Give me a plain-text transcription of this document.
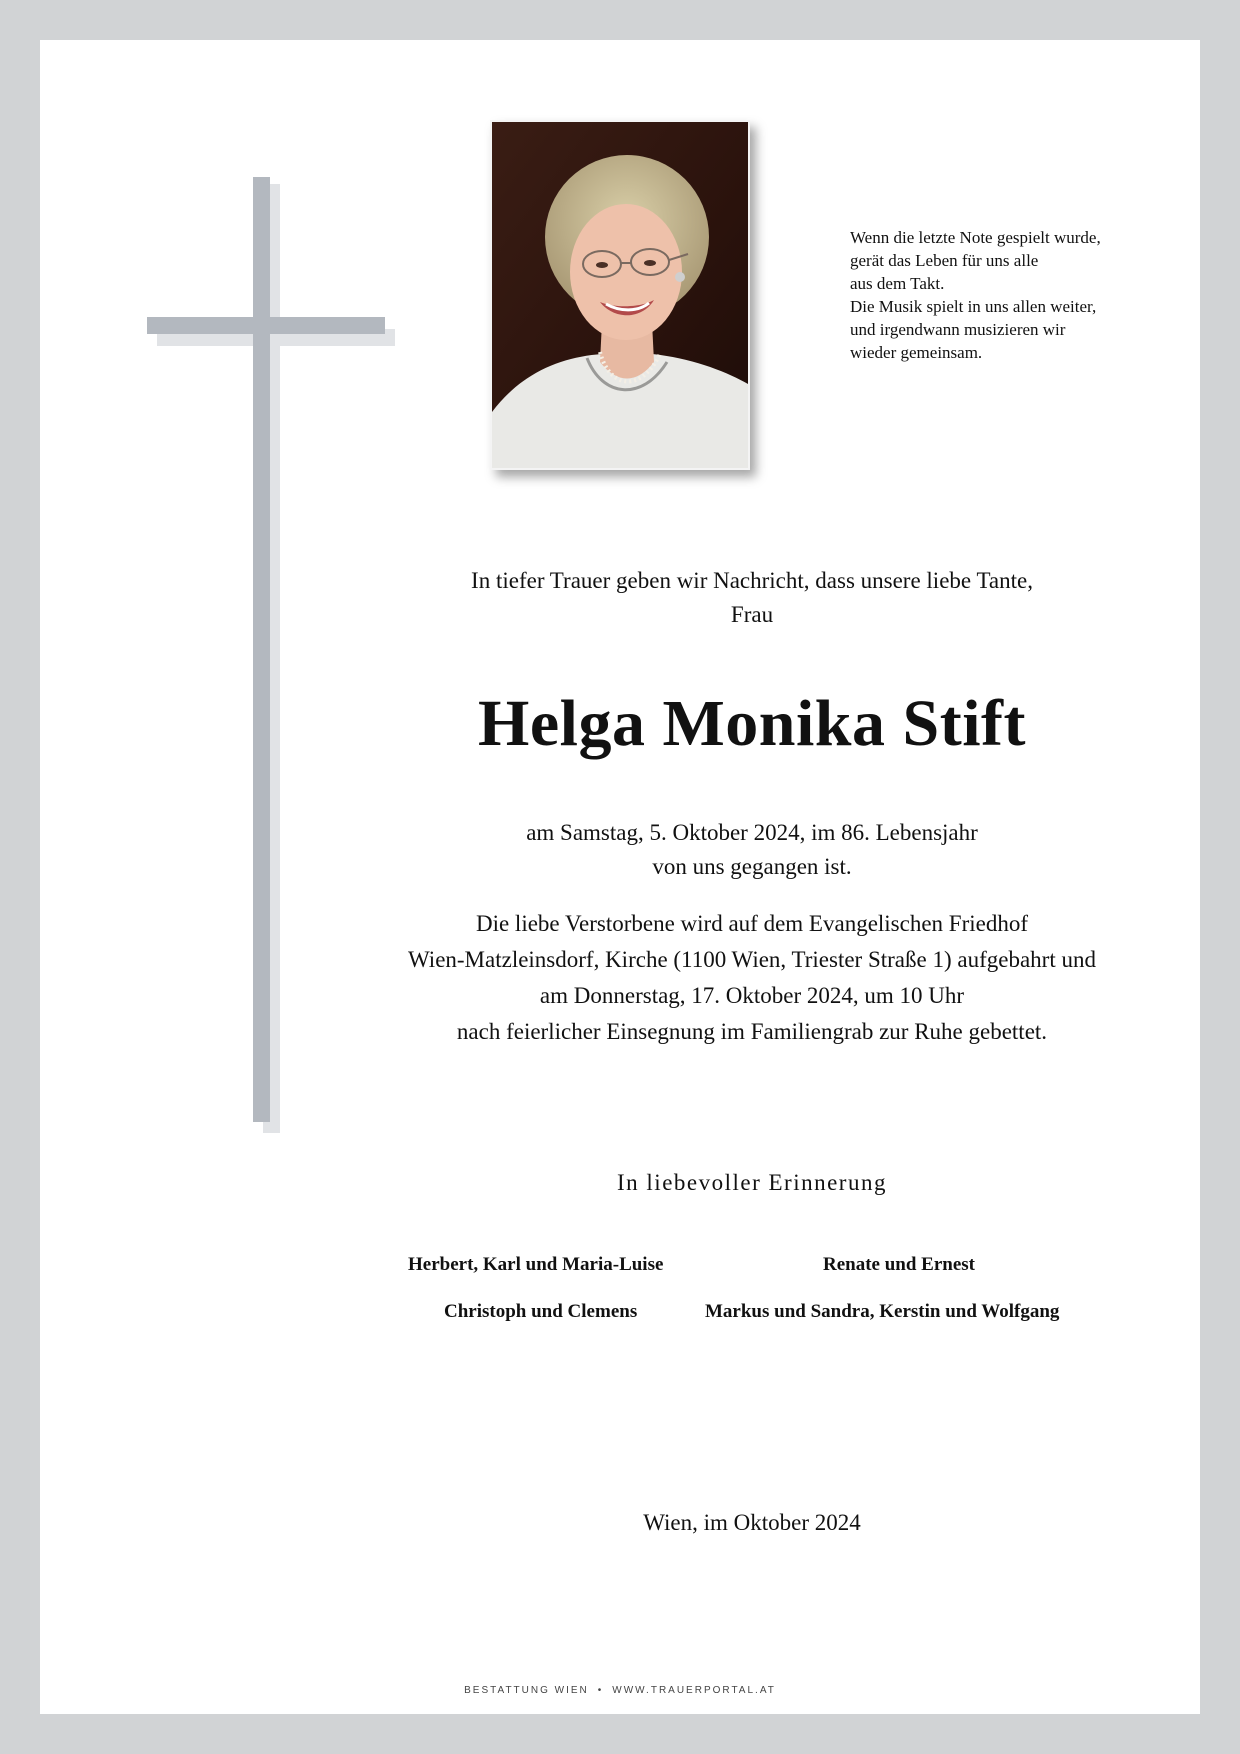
Wenn die letzte Note gespielt wurde,
gerät das Leben für uns alle
aus dem Takt.
Die Musik spielt in uns allen weiter,
und irgendwann musizieren wir
wieder gemeinsam.
In tiefer Trauer geben wir Nachricht, dass unsere liebe Tante,
Frau
Helga Monika Stift
am Samstag, 5. Oktober 2024, im 86. Lebensjahr
von uns gegangen ist.
Die liebe Verstorbene wird auf dem Evangelischen Friedhof
Wien-Matzleinsdorf, Kirche (1100 Wien, Triester Straße 1) aufgebahrt und
am Donnerstag, 17. Oktober 2024, um 10 Uhr
nach feierlicher Einsegnung im Familiengrab zur Ruhe gebettet.
In liebevoller Erinnerung
Herbert, Karl und Maria-Luise	Renate und Ernest
Christoph und Clemens	Markus und Sandra, Kerstin und Wolfgang
Wien, im Oktober 2024
BESTATTUNG WIEN • WWW.TRAUERPORTAL.AT
